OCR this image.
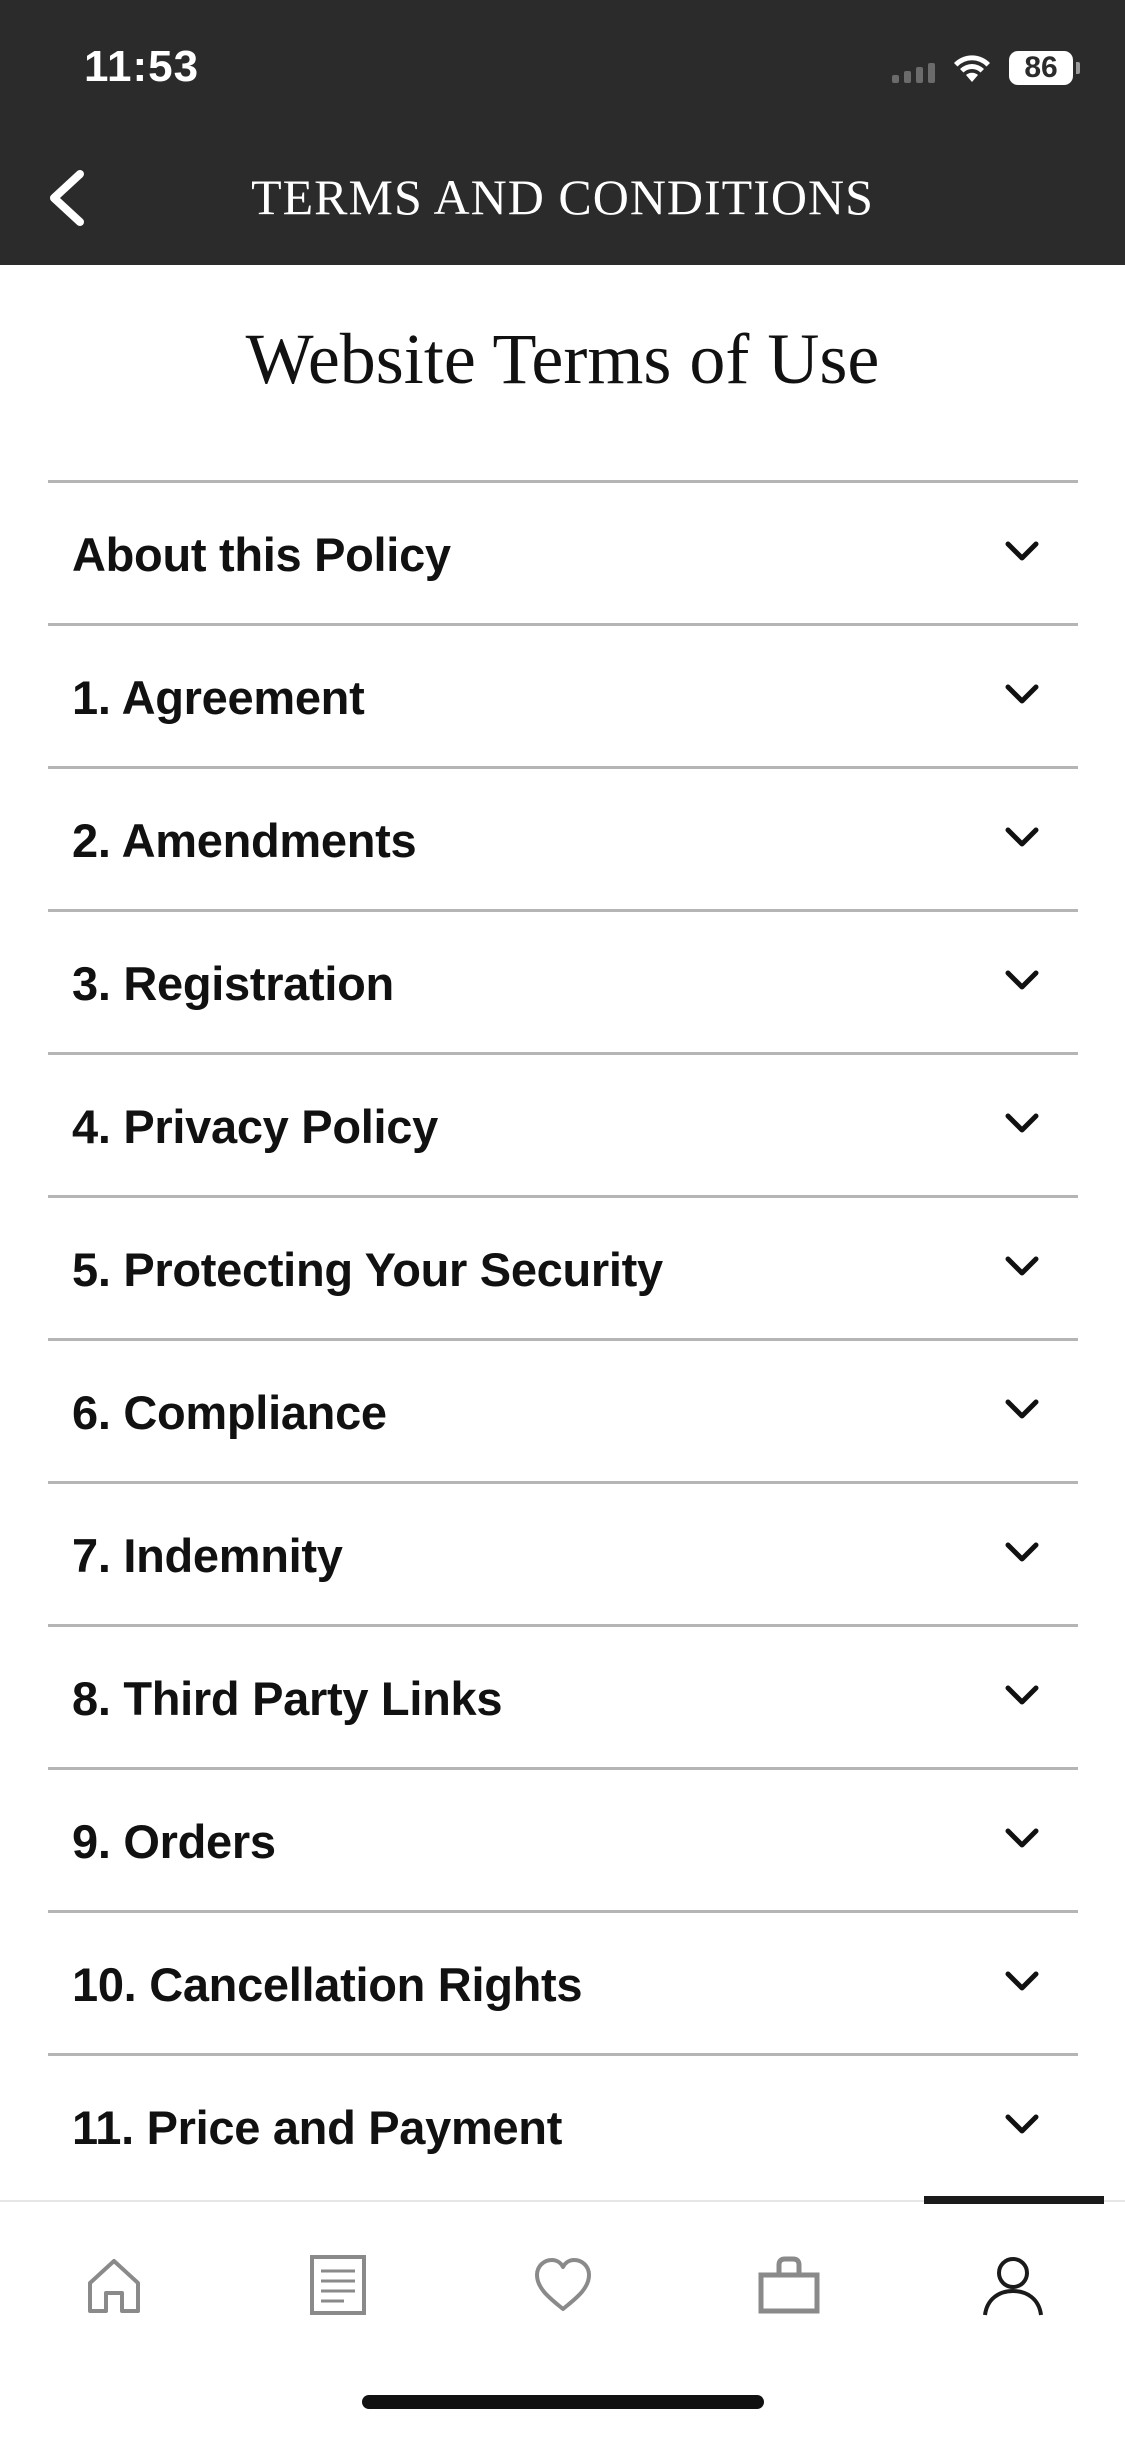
11:53	86
TERMS AND CONDITIONS
Website Terms of Use
About this Policy
1. Agreement
2. Amendments
3. Registration
4. Privacy Policy
5. Protecting Your Security
6. Compliance
7. Indemnity
8. Third Party Links
9. Orders
10. Cancellation Rights
11. Price and Payment
